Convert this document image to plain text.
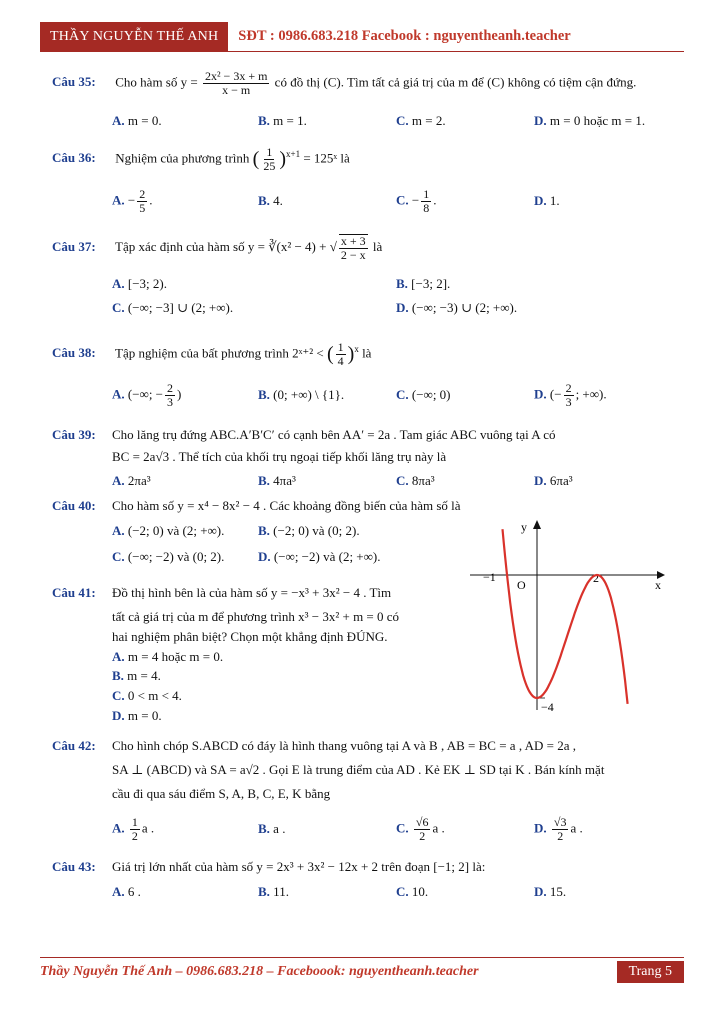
THẦY NGUYỄN THẾ ANH	SĐT : 0986.683.218 Facebook : nguyentheanh.teacher
Câu 35: Cho hàm số $y = \frac{\text{2x² − 3x + m}}{x - m}$ có đồ thị (C). Tìm tất cả giá trị của m để (C) không có tiệm cận đứng.
A. m = 0.	B. m = 1.	C. m = 2.	D. m = 0 hoặc m = 1.
Câu 36: Nghiệm của phương trình ( $\frac{1}{25} )^{x+1}$ = 125ˣ là
A. − $\frac{2}{5}$ .	B. 4.	C. − $\frac{1}{8}$ .	D. 1.
Câu 37: Tập xác định của hàm số y = ∛(x² − 4) + √ $\frac{x + 3}{2 - x}$ là
A. [−3; 2).	B. [−3; 2].
C. (−∞; −3] ∪ (2; +∞).	D. (−∞; −3) ∪ (2; +∞).
Câu 38: Tập nghiệm của bất phương trình 2ˣ⁺² < ( $\frac{1}{4} )^x$ là
A. (−∞; − $\frac{2}{3}$ )	B. (0; +∞) \ {1}.	C. (−∞; 0)	D. (− $\frac{2}{3}$ ; +∞).
Câu 39: Cho lăng trụ đứng ABC.A′B′C′ có cạnh bên AA′ = 2a . Tam giác ABC vuông tại A có
BC = 2a√3 . Thể tích của khối trụ ngoại tiếp khối lăng trụ này là
A. 2πa³	B. 4πa³	C. 8πa³	D. 6πa³
Câu 40: Cho hàm số y = x⁴ − 8x² − 4 . Các khoảng đồng biến của hàm số là
A. (−2; 0) và (2; +∞).	B. (−2; 0) và (0; 2).
C. (−∞; −2) và (0; 2).	D. (−∞; −2) và (2; +∞).
Câu 41: Đồ thị hình bên là của hàm số y = −x³ + 3x² − 4 . Tìm
tất cả giá trị của m để phương trình x³ − 3x² + m = 0 có
hai nghiệm phân biệt? Chọn một khẳng định ĐÚNG.
A. m = 4 hoặc m = 0.
B. m = 4.
C. 0 < m < 4.
D. m = 0.
y
x
O
−1	2
−4
Câu 42: Cho hình chóp S.ABCD có đáy là hình thang vuông tại A và B , AB = BC = a , AD = 2a ,
SA ⊥ (ABCD) và SA = a√2 . Gọi E là trung điểm của AD . Kẻ EK ⊥ SD tại K . Bán kính mặt
cầu đi qua sáu điểm S, A, B, C, E, K bằng
A. $\frac{1}{2}$ a .	B. a .	C. $\frac{√6}{2}$ a .	D. $\frac{√3}{2}$ a .
Câu 43: Giá trị lớn nhất của hàm số y = 2x³ + 3x² − 12x + 2 trên đoạn [−1; 2] là:
A. 6 .	B. 11.	C. 10.	D. 15.
Thầy Nguyễn Thế Anh – 0986.683.218 – Faceboook: nguyentheanh.teacher	Trang 5
